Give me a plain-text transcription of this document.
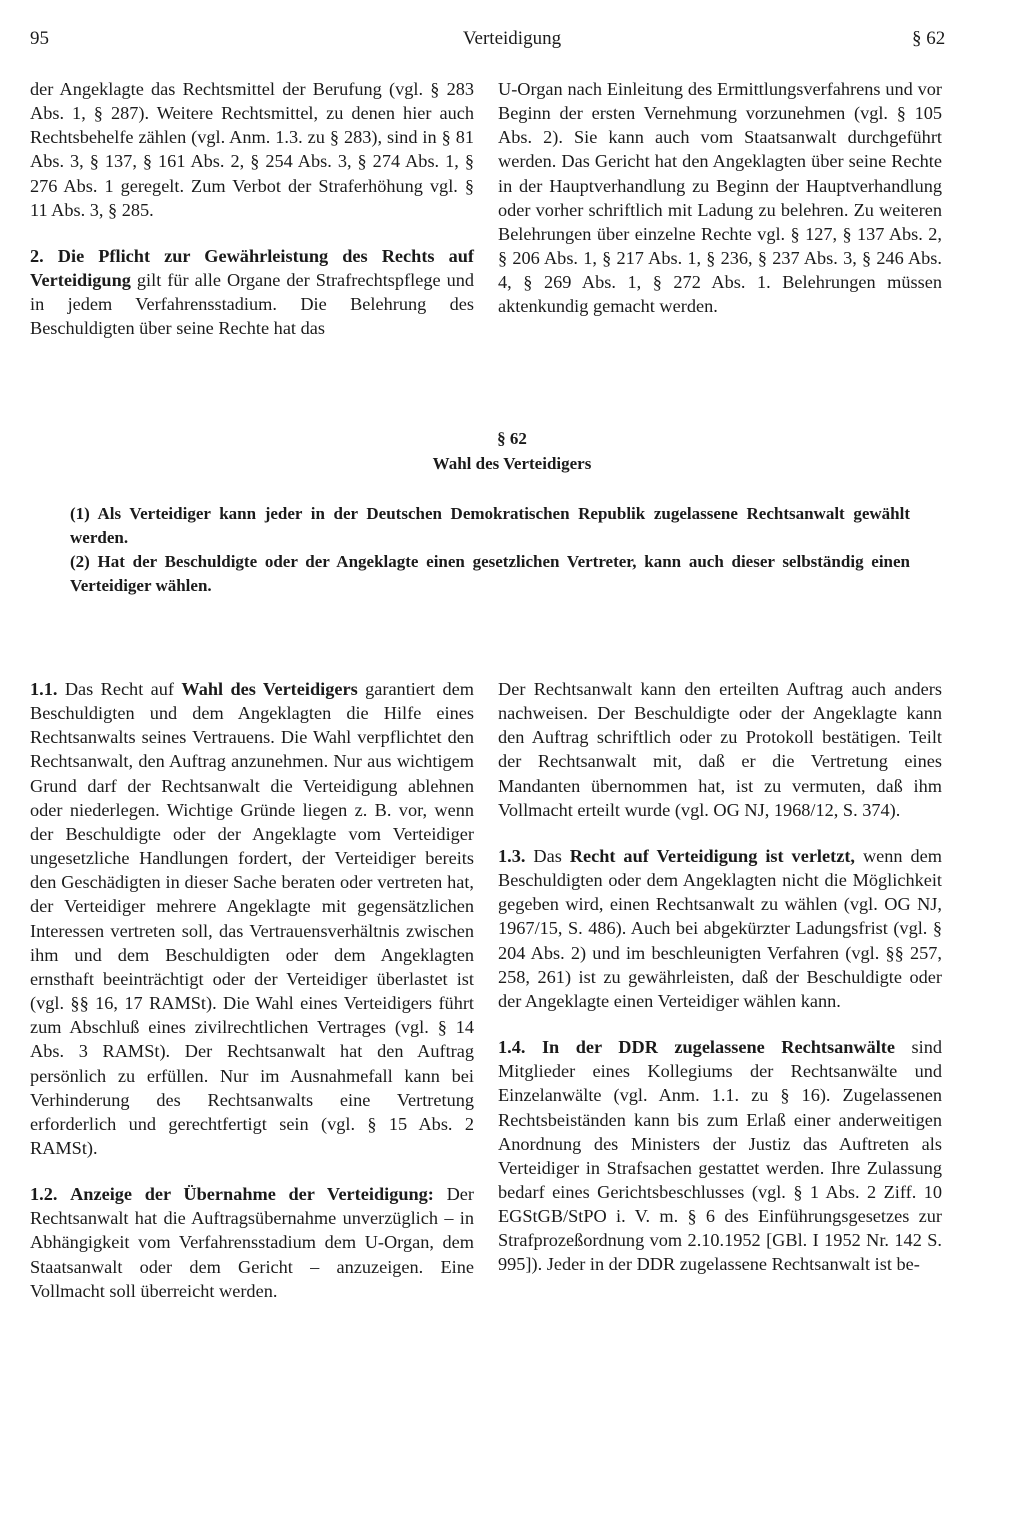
95	Verteidigung	§ 62

der Angeklagte das Rechtsmittel der Berufung (vgl. § 283 Abs. 1, § 287). Weitere Rechtsmittel, zu denen hier auch Rechtsbehelfe zählen (vgl. Anm. 1.3. zu § 283), sind in § 81 Abs. 3, § 137, § 161 Abs. 2, § 254 Abs. 3, § 274 Abs. 1, § 276 Abs. 1 geregelt. Zum Verbot der Straferhöhung vgl. § 11 Abs. 3, § 285.

2. Die Pflicht zur Gewährleistung des Rechts auf Verteidigung gilt für alle Organe der Strafrechtspflege und in jedem Verfahrensstadium. Die Belehrung des Beschuldigten über seine Rechte hat das

U-Organ nach Einleitung des Ermittlungsverfahrens und vor Beginn der ersten Vernehmung vorzunehmen (vgl. § 105 Abs. 2). Sie kann auch vom Staatsanwalt durchgeführt werden. Das Gericht hat den Angeklagten über seine Rechte in der Hauptverhandlung zu Beginn der Hauptverhandlung oder vorher schriftlich mit Ladung zu belehren. Zu weiteren Belehrungen über einzelne Rechte vgl. § 127, § 137 Abs. 2, § 206 Abs. 1, § 217 Abs. 1, § 236, § 237 Abs. 3, § 246 Abs. 4, § 269 Abs. 1, § 272 Abs. 1. Belehrungen müssen aktenkundig gemacht werden.

§ 62
Wahl des Verteidigers

(1) Als Verteidiger kann jeder in der Deutschen Demokratischen Republik zugelassene Rechtsanwalt gewählt werden.

(2) Hat der Beschuldigte oder der Angeklagte einen gesetzlichen Vertreter, kann auch dieser selbständig einen Verteidiger wählen.

1.1. Das Recht auf Wahl des Verteidigers garantiert dem Beschuldigten und dem Angeklagten die Hilfe eines Rechtsanwalts seines Vertrauens. Die Wahl verpflichtet den Rechtsanwalt, den Auftrag anzunehmen. Nur aus wichtigem Grund darf der Rechtsanwalt die Verteidigung ablehnen oder niederlegen. Wichtige Gründe liegen z. B. vor, wenn der Beschuldigte oder der Angeklagte vom Verteidiger ungesetzliche Handlungen fordert, der Verteidiger bereits den Geschädigten in dieser Sache beraten oder vertreten hat, der Verteidiger mehrere Angeklagte mit gegensätzlichen Interessen vertreten soll, das Vertrauensverhältnis zwischen ihm und dem Beschuldigten oder dem Angeklagten ernsthaft beeinträchtigt oder der Verteidiger überlastet ist (vgl. §§ 16, 17 RAMSt). Die Wahl eines Verteidigers führt zum Abschluß eines zivilrechtlichen Vertrages (vgl. § 14 Abs. 3 RAMSt). Der Rechtsanwalt hat den Auftrag persönlich zu erfüllen. Nur im Ausnahmefall kann bei Verhinderung des Rechtsanwalts eine Vertretung erforderlich und gerechtfertigt sein (vgl. § 15 Abs. 2 RAMSt).

1.2. Anzeige der Übernahme der Verteidigung: Der Rechtsanwalt hat die Auftragsübernahme unverzüglich – in Abhängigkeit vom Verfahrensstadium dem U-Organ, dem Staatsanwalt oder dem Gericht – anzuzeigen. Eine Vollmacht soll überreicht werden.

Der Rechtsanwalt kann den erteilten Auftrag auch anders nachweisen. Der Beschuldigte oder der Angeklagte kann den Auftrag schriftlich oder zu Protokoll bestätigen. Teilt der Rechtsanwalt mit, daß er die Vertretung eines Mandanten übernommen hat, ist zu vermuten, daß ihm Vollmacht erteilt wurde (vgl. OG NJ, 1968/12, S. 374).

1.3. Das Recht auf Verteidigung ist verletzt, wenn dem Beschuldigten oder dem Angeklagten nicht die Möglichkeit gegeben wird, einen Rechtsanwalt zu wählen (vgl. OG NJ, 1967/15, S. 486). Auch bei abgekürzter Ladungsfrist (vgl. § 204 Abs. 2) und im beschleunigten Verfahren (vgl. §§ 257, 258, 261) ist zu gewährleisten, daß der Beschuldigte oder der Angeklagte einen Verteidiger wählen kann.

1.4. In der DDR zugelassene Rechtsanwälte sind Mitglieder eines Kollegiums der Rechtsanwälte und Einzelanwälte (vgl. Anm. 1.1. zu § 16). Zugelassenen Rechtsbeiständen kann bis zum Erlaß einer anderweitigen Anordnung des Ministers der Justiz das Auftreten als Verteidiger in Strafsachen gestattet werden. Ihre Zulassung bedarf eines Gerichtsbeschlusses (vgl. § 1 Abs. 2 Ziff. 10 EGStGB/StPO i. V. m. § 6 des Einführungsgesetzes zur Strafprozeßordnung vom 2.10.1952 [GBl. I 1952 Nr. 142 S. 995]). Jeder in der DDR zugelassene Rechtsanwalt ist be-
